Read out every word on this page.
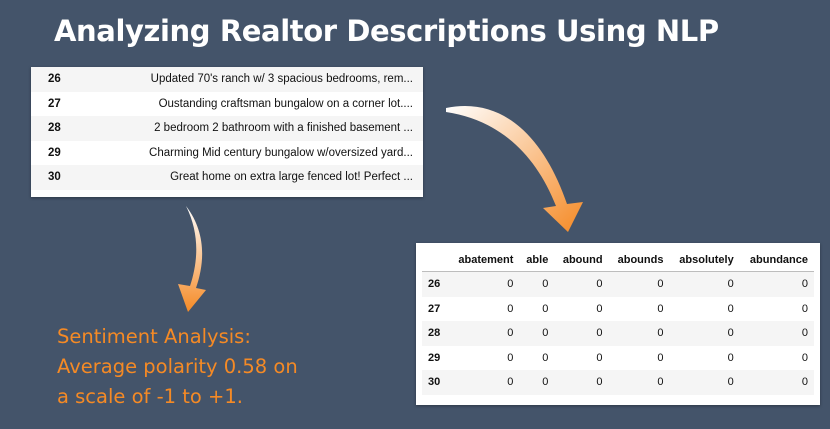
Analyzing Realtor Descriptions Using NLP
26	Updated 70's ranch w/ 3 spacious bedrooms, rem...
27	Oustanding craftsman bungalow on a corner lot....
28	2 bedroom 2 bathroom with a finished basement ...
29	Charming Mid century bungalow w/oversized yard...
30	Great home on extra large fenced lot! Perfect ...
	abatement	able	abound	abounds	absolutely	abundance
26	0	0	0	0	0	0
27	0	0	0	0	0	0
28	0	0	0	0	0	0
29	0	0	0	0	0	0
30	0	0	0	0	0	0
Sentiment Analysis:
Average polarity 0.58 on
a scale of -1 to +1.
